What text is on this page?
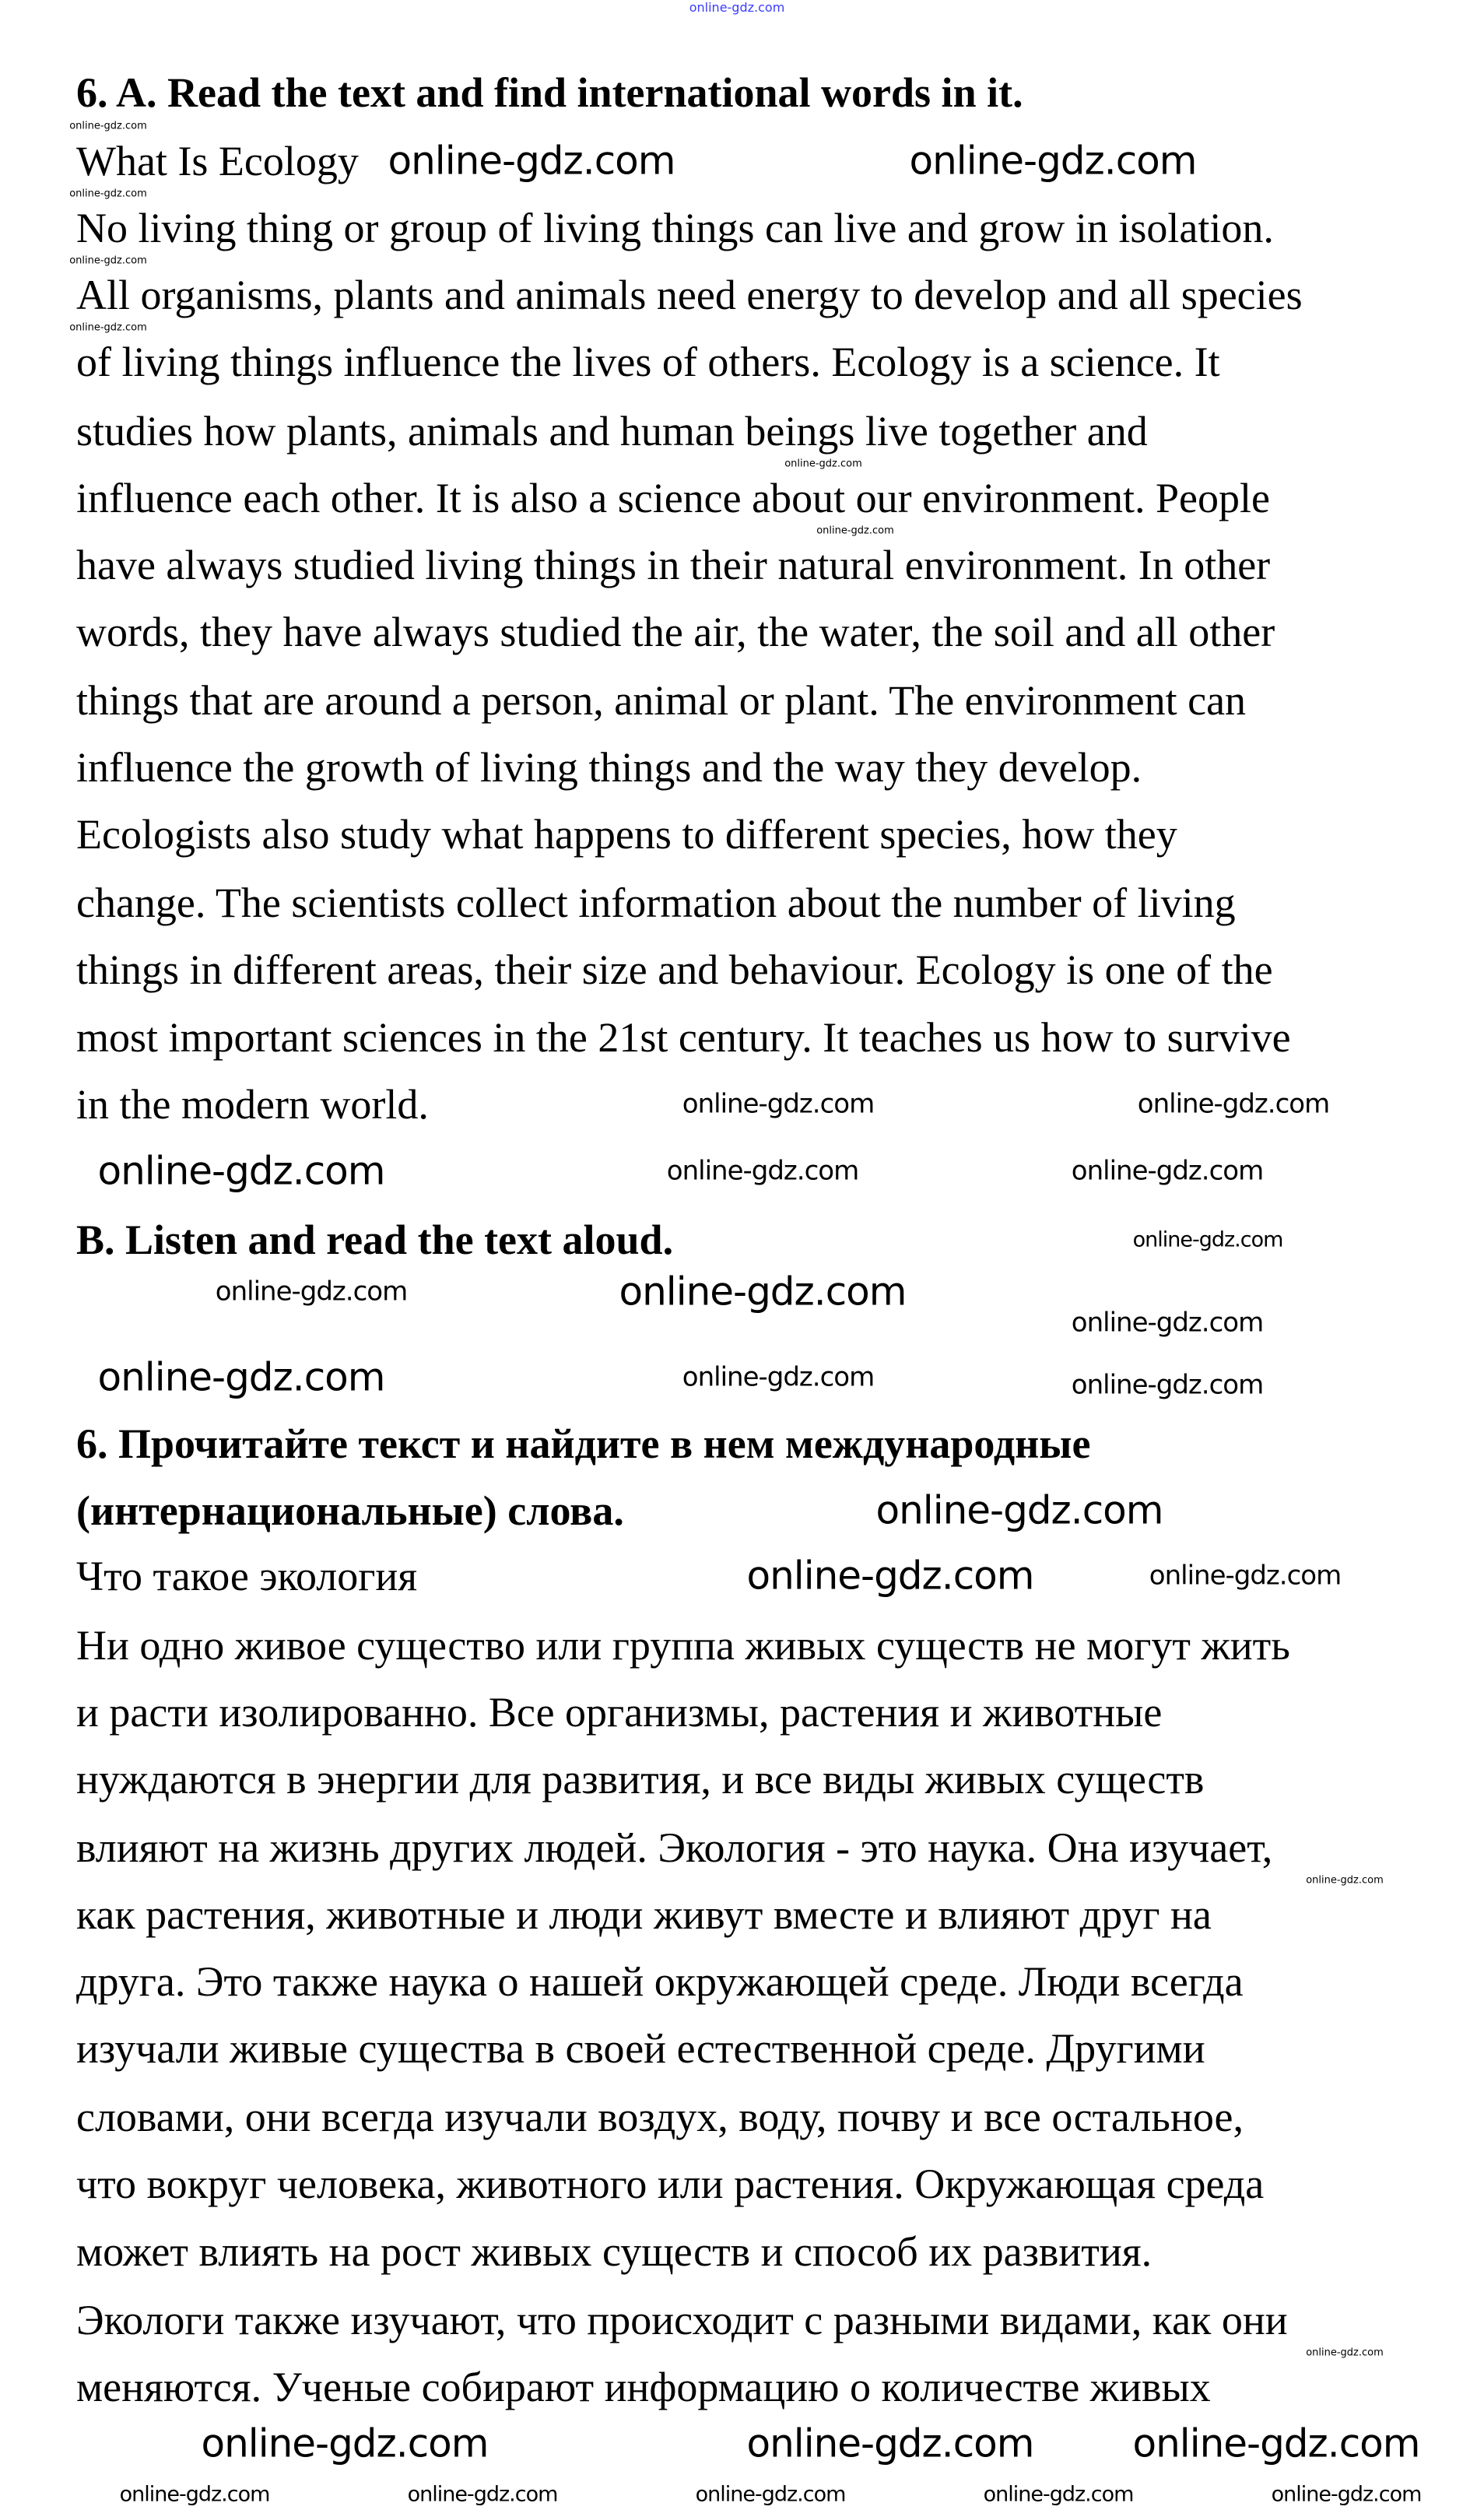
6. A. Read the text and find international words in it.
What Is Ecology
No living thing or group of living things can live and grow in isolation.
All organisms, plants and animals need energy to develop and all species
of living things influence the lives of others. Ecology is a science. It
studies how plants, animals and human beings live together and
influence each other. It is also a science about our environment. People
have always studied living things in their natural environment. In other
words, they have always studied the air, the water, the soil and all other
things that are around a person, animal or plant. The environment can
influence the growth of living things and the way they develop.
Ecologists also study what happens to different species, how they
change. The scientists collect information about the number of living
things in different areas, their size and behaviour. Ecology is one of the
most important sciences in the 21st century. It teaches us how to survive
in the modern world.
B. Listen and read the text aloud.
6. Прочитайте текст и найдите в нем международные
(интернациональные) слова.
Что такое экология
Ни одно живое существо или группа живых существ не могут жить
и расти изолированно. Все организмы, растения и животные
нуждаются в энергии для развития, и все виды живых существ
влияют на жизнь других людей. Экология - это наука. Она изучает,
как растения, животные и люди живут вместе и влияют друг на
друга. Это также наука о нашей окружающей среде. Люди всегда
изучали живые существа в своей естественной среде. Другими
словами, они всегда изучали воздух, воду, почву и все остальное,
что вокруг человека, животного или растения. Окружающая среда
может влиять на рост живых существ и способ их развития.
Экологи также изучают, что происходит с разными видами, как они
меняются. Ученые собирают информацию о количестве живых
online-gdz.com
online-gdz.com
online-gdz.com
online-gdz.com
online-gdz.com
online-gdz.com
online-gdz.com
online-gdz.com
online-gdz.com
online-gdz.com	online-gdz.com
online-gdz.com
online-gdz.com
online-gdz.com
online-gdz.com
online-gdz.com
online-gdz.com	online-gdz.com	online-gdz.com
online-gdz.com
online-gdz.com
online-gdz.com	online-gdz.com
online-gdz.com
online-gdz.com
online-gdz.com	online-gdz.com
online-gdz.com
online-gdz.com
online-gdz.com	online-gdz.com	online-gdz.com	online-gdz.com	online-gdz.com
